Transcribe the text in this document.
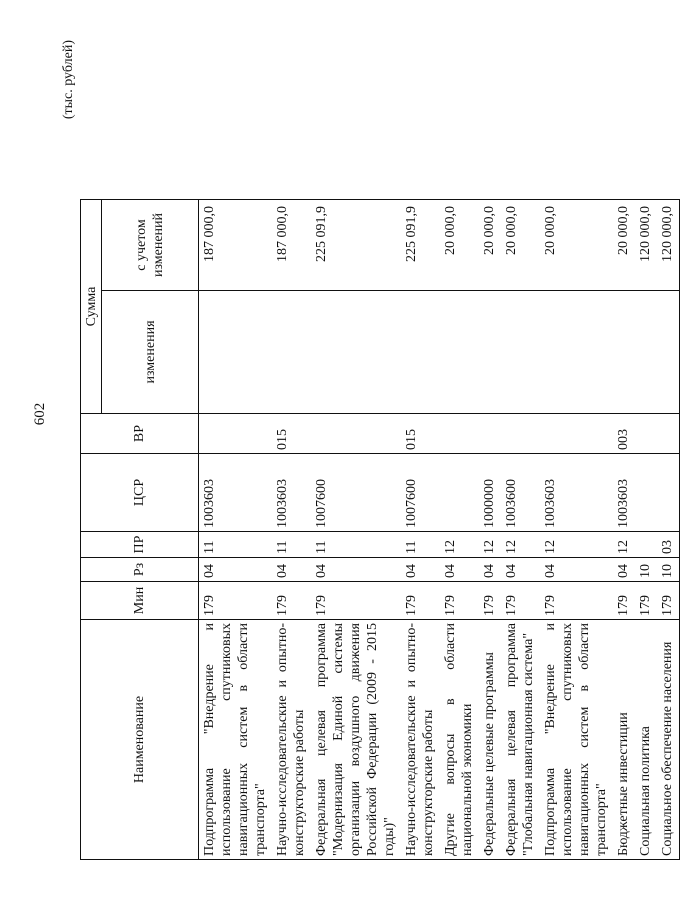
602
(тыс. рублей)
Наименование	Мин	Рз	ПР	ЦСР	ВР	Сумма	
						изменения	с учетом изменений
Подпрограмма "Внедрение и использование спутниковых навигационных систем в области транспорта"	179	04	11	1003603			187 000,0
Научно-исследовательские и опытно-конструкторские работы	179	04	11	1003603	015		187 000,0
Федеральная целевая программа "Модернизация Единой системы организации воздушного движения Российской Федерации (2009 - 2015 годы)"	179	04	11	1007600			225 091,9
Научно-исследовательские и опытно-конструкторские работы	179	04	11	1007600	015		225 091,9
Другие вопросы в области национальной экономики	179	04	12				20 000,0
Федеральные целевые программы	179	04	12	1000000			20 000,0
Федеральная целевая программа "Глобальная навигационная система"	179	04	12	1003600			20 000,0
Подпрограмма "Внедрение и использование спутниковых навигационных систем в области транспорта"	179	04	12	1003603			20 000,0
Бюджетные инвестиции	179	04	12	1003603	003		20 000,0
Социальная политика	179	10					120 000,0
Социальное обеспечение населения	179	10	03				120 000,0
